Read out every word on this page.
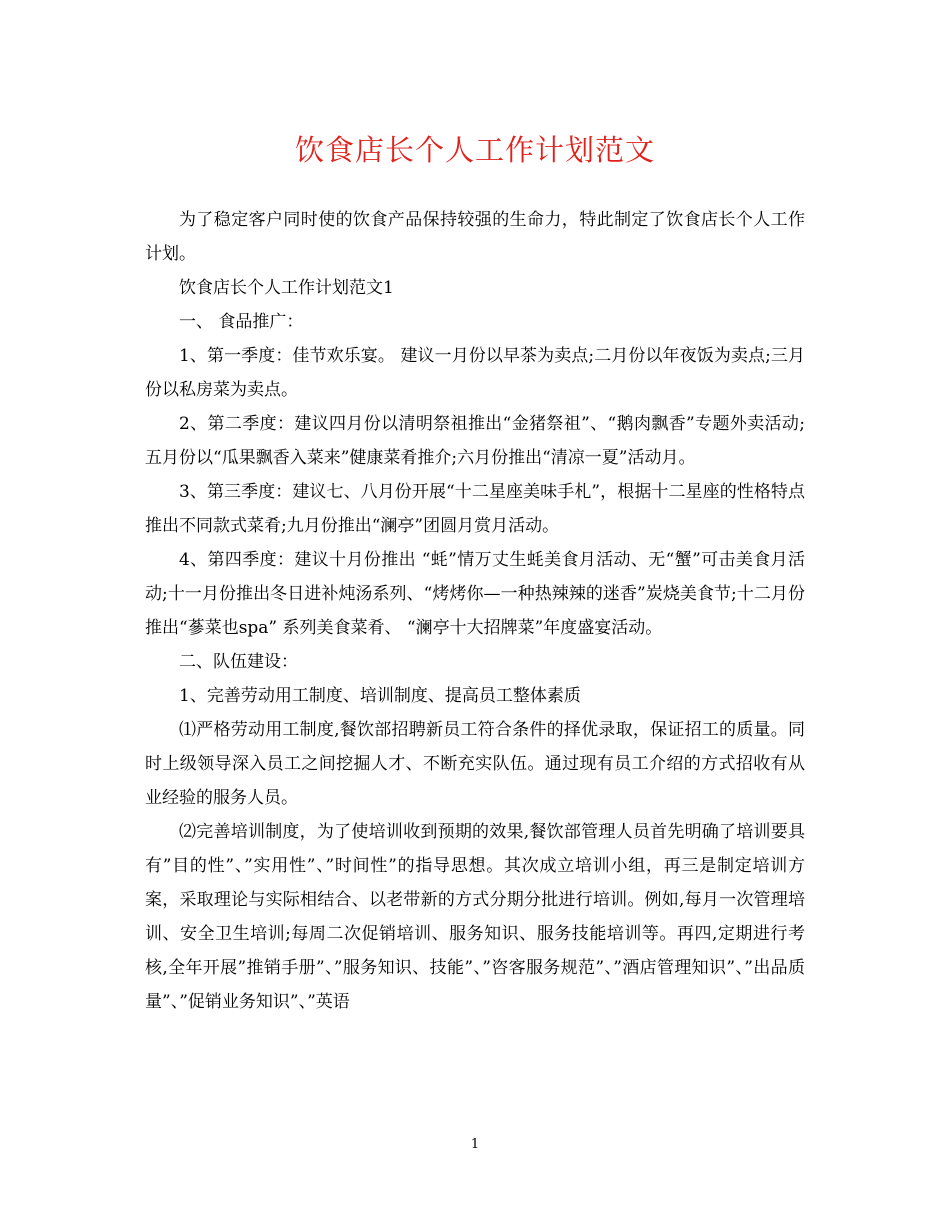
饮食店长个人工作计划范文

为了稳定客户同时使的饮食产品保持较强的生命力，特此制定了饮食店长个人工作计划。

饮食店长个人工作计划范文1

一、 食品推广：

1、第一季度：佳节欢乐宴。 建议一月份以早茶为卖点;二月份以年夜饭为卖点;三月份以私房菜为卖点。

2、第二季度：建议四月份以清明祭祖推出“金猪祭祖”、“鹅肉飘香”专题外卖活动;五月份以“瓜果飘香入菜来”健康菜肴推介;六月份推出“清凉一夏”活动月。

3、第三季度：建议七、八月份开展“十二星座美味手札”，根据十二星座的性格特点推出不同款式菜肴;九月份推出“澜亭”团圆月赏月活动。

4、第四季度：建议十月份推出 “蚝”情万丈生蚝美食月活动、无“蟹”可击美食月活动;十一月份推出冬日进补炖汤系列、“烤烤你—一种热辣辣的迷香”炭烧美食节;十二月份推出“蔘菜也spa” 系列美食菜肴、 “澜亭十大招牌菜”年度盛宴活动。

二、队伍建设：

1、完善劳动用工制度、培训制度、提高员工整体素质

⑴严格劳动用工制度,餐饮部招聘新员工符合条件的择优录取，保证招工的质量。同时上级领导深入员工之间挖掘人才、不断充实队伍。通过现有员工介绍的方式招收有从业经验的服务人员。

⑵完善培训制度，为了使培训收到预期的效果,餐饮部管理人员首先明确了培训要具有”目的性”、”实用性”、”时间性”的指导思想。其次成立培训小组，再三是制定培训方案，采取理论与实际相结合、以老带新的方式分期分批进行培训。例如,每月一次管理培训、安全卫生培训;每周二次促销培训、服务知识、服务技能培训等。再四,定期进行考核,全年开展”推销手册”、”服务知识、技能”、”咨客服务规范”、”酒店管理知识”、”出品质量”、”促销业务知识”、”英语

1
